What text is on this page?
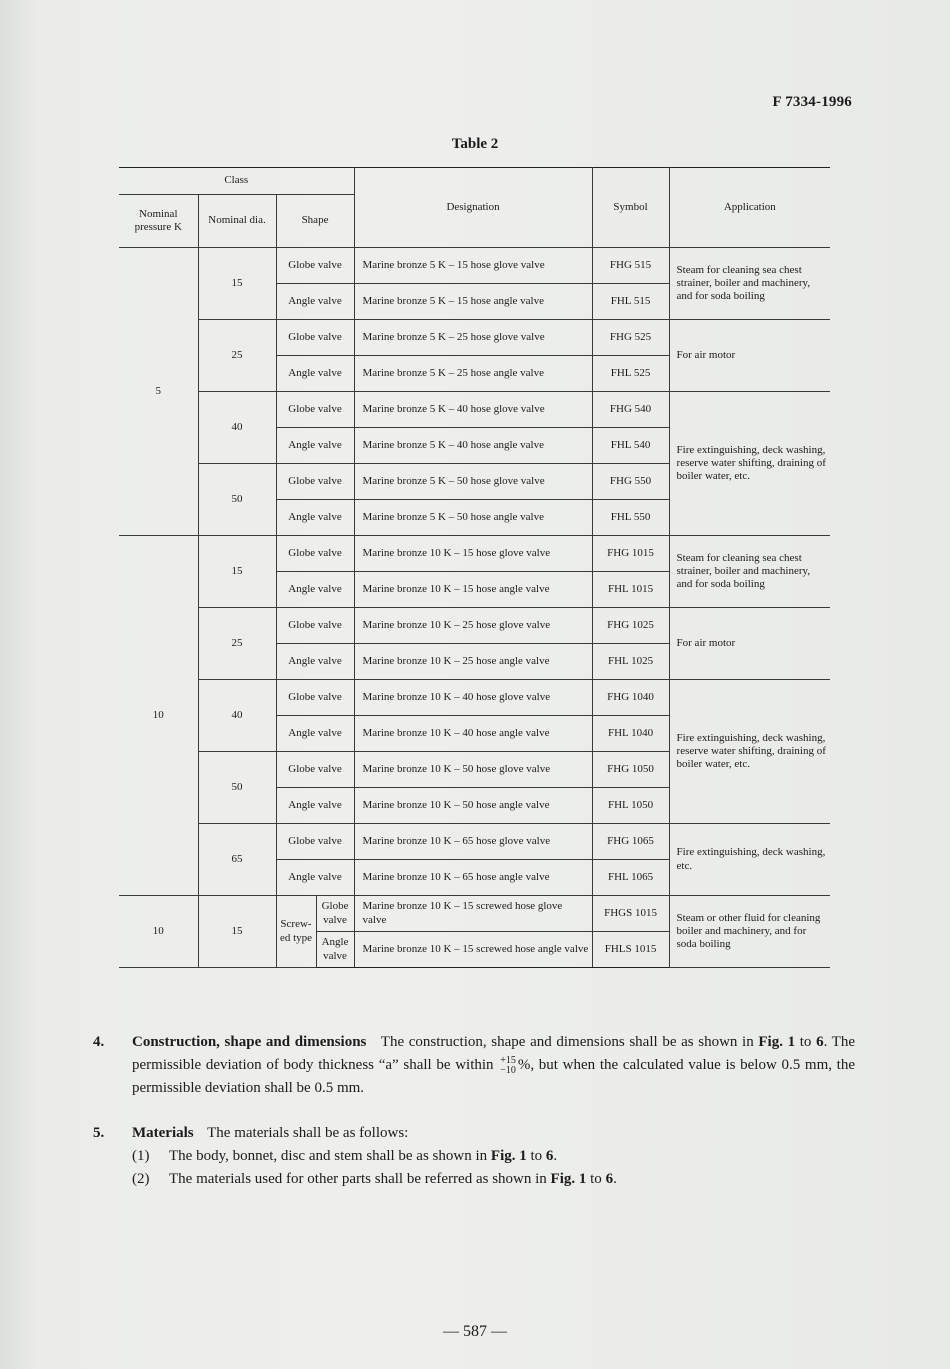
F 7334-1996
Table 2
Class				Designation	Symbol	Application
Nominal pressure K	Nominal dia.	Shape				
5	15	Globe valve		Marine bronze 5 K – 15 hose glove valve	FHG 515	Steam for cleaning sea chest strainer, boiler and machinery, and for soda boiling
		Angle valve		Marine bronze 5 K – 15 hose angle valve	FHL 515	
	25	Globe valve		Marine bronze 5 K – 25 hose glove valve	FHG 525	For air motor
		Angle valve		Marine bronze 5 K – 25 hose angle valve	FHL 525	
	40	Globe valve		Marine bronze 5 K – 40 hose glove valve	FHG 540	Fire extinguishing, deck washing, reserve water shifting, draining of boiler water, etc.
		Angle valve		Marine bronze 5 K – 40 hose angle valve	FHL 540	
	50	Globe valve		Marine bronze 5 K – 50 hose glove valve	FHG 550	
		Angle valve		Marine bronze 5 K – 50 hose angle valve	FHL 550	
10	15	Globe valve		Marine bronze 10 K – 15 hose glove valve	FHG 1015	Steam for cleaning sea chest strainer, boiler and machinery, and for soda boiling
		Angle valve		Marine bronze 10 K – 15 hose angle valve	FHL 1015	
	25	Globe valve		Marine bronze 10 K – 25 hose glove valve	FHG 1025	For air motor
		Angle valve		Marine bronze 10 K – 25 hose angle valve	FHL 1025	
	40	Globe valve		Marine bronze 10 K – 40 hose glove valve	FHG 1040	Fire extinguishing, deck washing, reserve water shifting, draining of boiler water, etc.
		Angle valve		Marine bronze 10 K – 40 hose angle valve	FHL 1040	
	50	Globe valve		Marine bronze 10 K – 50 hose glove valve	FHG 1050	
		Angle valve		Marine bronze 10 K – 50 hose angle valve	FHL 1050	
	65	Globe valve		Marine bronze 10 K – 65 hose glove valve	FHG 1065	Fire extinguishing, deck washing, etc.
		Angle valve		Marine bronze 10 K – 65 hose angle valve	FHL 1065	
10	15	Screw-ed type	Globe valve	Marine bronze 10 K – 15 screwed hose glove valve	FHGS 1015	Steam or other fluid for cleaning boiler and machinery, and for soda boiling
			Angle valve	Marine bronze 10 K – 15 screwed hose angle valve	FHLS 1015	
4. Construction, shape and dimensions The construction, shape and dimensions shall be as shown in Fig. 1 to 6. The permissible deviation of body thickness “a” shall be within +15
−10 %, but when the calculated value is below 0.5 mm, the permissible deviation shall be 0.5 mm.
5. Materials The materials shall be as follows:
(1) The body, bonnet, disc and stem shall be as shown in Fig. 1 to 6.
(2) The materials used for other parts shall be referred as shown in Fig. 1 to 6.
— 587 —
